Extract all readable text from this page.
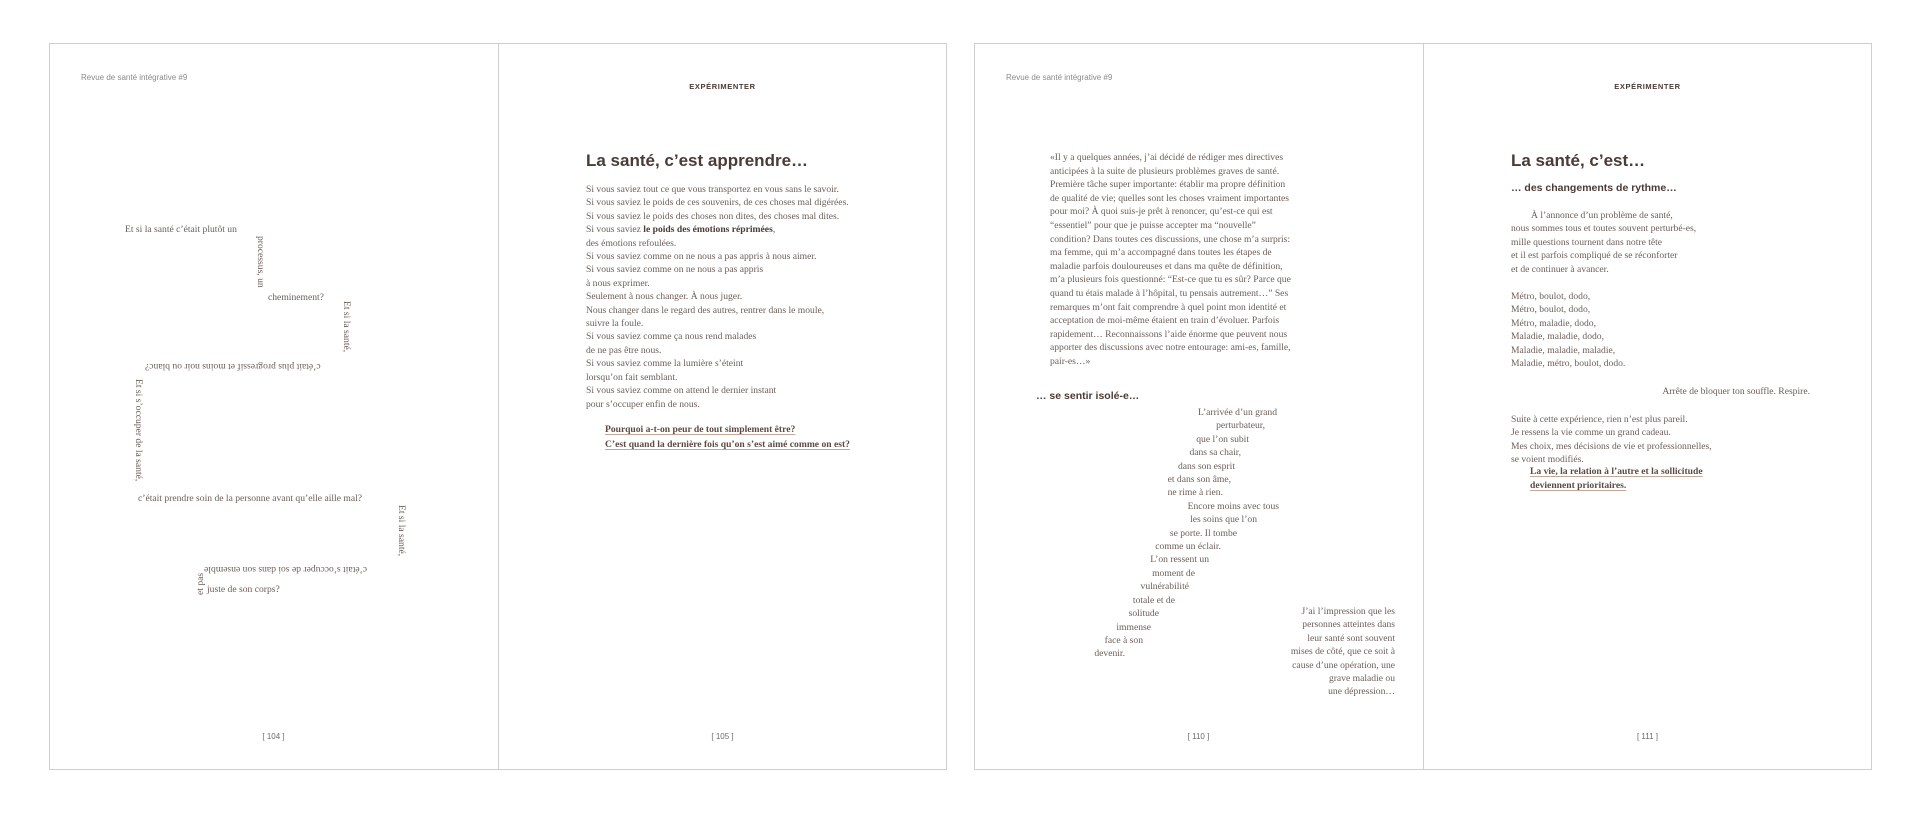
Revue de santé intégrative #9
Et si la santé c’était plutôt un
processus, un
cheminement?
Et si la santé,
c’était plus progressif et moins noir ou blanc?
Et si s’occuper de la santé,
c’était prendre soin de la personne avant qu’elle aille mal?
Et si la santé,
c’était s’occuper de soi dans son ensemble
et pas juste de son corps?
[ 104 ]
EXPÉRIMENTER
La santé, c’est apprendre…
Si vous saviez tout ce que vous transportez en vous sans le savoir.
Si vous saviez le poids de ces souvenirs, de ces choses mal digérées.
Si vous saviez le poids des choses non dites, des choses mal dites.
Si vous saviez le poids des émotions réprimées,
des émotions refoulées.
Si vous saviez comme on ne nous a pas appris à nous aimer.
Si vous saviez comme on ne nous a pas appris
à nous exprimer.
Seulement à nous changer. À nous juger.
Nous changer dans le regard des autres, rentrer dans le moule,
suivre la foule.
Si vous saviez comme ça nous rend malades
de ne pas être nous.
Si vous saviez comme la lumière s’éteint
lorsqu’on fait semblant.
Si vous saviez comme on attend le dernier instant
pour s’occuper enfin de nous.
Pourquoi a-t-on peur de tout simplement être?
C’est quand la dernière fois qu’on s’est aimé comme on est?
[ 105 ]
Revue de santé intégrative #9
«Il y a quelques années, j’ai décidé de rédiger mes directives
anticipées à la suite de plusieurs problèmes graves de santé.
Première tâche super importante: établir ma propre définition
de qualité de vie; quelles sont les choses vraiment importantes
pour moi? À quoi suis-je prêt à renoncer, qu’est-ce qui est
“essentiel” pour que je puisse accepter ma “nouvelle”
condition? Dans toutes ces discussions, une chose m’a surpris:
ma femme, qui m’a accompagné dans toutes les étapes de
maladie parfois douloureuses et dans ma quête de définition,
m’a plusieurs fois questionné: “Est-ce que tu es sûr? Parce que
quand tu étais malade à l’hôpital, tu pensais autrement…” Ses
remarques m’ont fait comprendre à quel point mon identité et
acceptation de moi-même étaient en train d’évoluer. Parfois
rapidement… Reconnaissons l’aide énorme que peuvent nous
apporter des discussions avec notre entourage: ami-es, famille,
pair-es…»
… se sentir isolé-e…
L’arrivée d’un grand
perturbateur,
que l’on subit
dans sa chair,
dans son esprit
et dans son âme,
ne rime à rien.
Encore moins avec tous
les soins que l’on
se porte. Il tombe
comme un éclair.
L’on ressent un
moment de
vulnérabilité
totale et de
solitude
immense
face à son
devenir.
J’ai l’impression que les
personnes atteintes dans
leur santé sont souvent
mises de côté, que ce soit à
cause d’une opération, une
grave maladie ou
une dépression…
[ 110 ]
EXPÉRIMENTER
La santé, c’est…
… des changements de rythme…
À l’annonce d’un problème de santé,
nous sommes tous et toutes souvent perturbé-es,
mille questions tournent dans notre tête
et il est parfois compliqué de se réconforter
et de continuer à avancer.
Métro, boulot, dodo,
Métro, boulot, dodo,
Métro, maladie, dodo,
Maladie, maladie, dodo,
Maladie, maladie, maladie,
Maladie, métro, boulot, dodo.
Arrête de bloquer ton souffle. Respire.
Suite à cette expérience, rien n’est plus pareil.
Je ressens la vie comme un grand cadeau.
Mes choix, mes décisions de vie et professionnelles,
se voient modifiés.
La vie, la relation à l’autre et la sollicitude
deviennent prioritaires.
[ 111 ]
